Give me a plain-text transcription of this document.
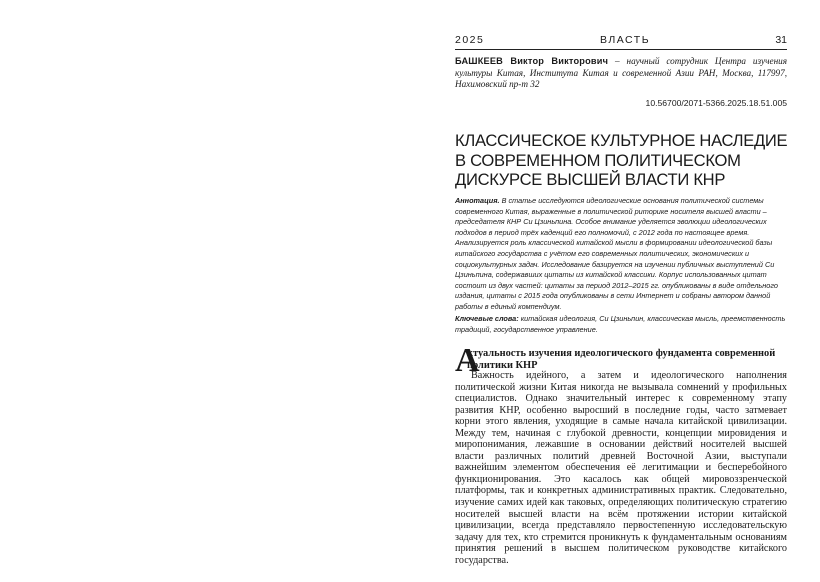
2025	ВЛАСТЬ	31
БАШКЕЕВ Виктор Викторович – научный сотрудник Центра изучения культуры Китая, Института Китая и современной Азии РАН, Москва, 117997, Нахимовский пр-т 32
10.56700/2071-5366.2025.18.51.005
КЛАССИЧЕСКОЕ КУЛЬТУРНОЕ НАСЛЕДИЕ В СОВРЕМЕННОМ ПОЛИТИЧЕСКОМ ДИСКУРСЕ ВЫСШЕЙ ВЛАСТИ КНР
Аннотация. В статье исследуются идеологические основания политической системы современного Китая, выраженные в политической риторике носителя высшей власти – председателя КНР Си Цзиньпина. Особое внимание уделяется эволюции идеологических подходов в период трёх каденций его полномочий, с 2012 года по настоящее время. Анализируется роль классической китайской мысли в формировании идеологической базы китайского государства с учётом его современных политических, экономических и социокультурных задач. Исследование базируется на изучении публичных выступлений Си Цзиньпина, содержавших цитаты из китайской классики. Корпус использованных цитат состоит из двух частей: цитаты за период 2012–2015 гг. опубликованы в виде отдельного издания, цитаты с 2015 года опубликованы в сети Интернет и собраны автором данной работы в единый компендиум.
Ключевые слова: китайская идеология, Си Цзиньпин, классическая мысль, преемственность традиций, государственное управление.
А
ктуальность изучения идеологического фундамента современной политики КНР

Важность идейного, а затем и идеологического наполнения политической жизни Китая никогда не вызывала сомнений у профильных специалистов. Однако значительный интерес к современному этапу развития КНР, особенно выросший в последние годы, часто затмевает корни этого явления, уходящие в самые начала китайской цивилизации. Между тем, начиная с глубокой древности, концепции мировидения и миропонимания, лежавшие в основании действий носителей высшей власти различных политий древней Восточной Азии, выступали важнейшим элементом обеспечения её легитимации и бесперебойного функционирования. Это касалось как общей мировоззренческой платформы, так и конкретных административных практик. Следовательно, изучение самих идей как таковых, определяющих политическую стратегию носителей высшей власти на всём протяжении истории китайской цивилизации, всегда представляло первостепенную исследовательскую задачу для тех, кто стремится проникнуть к фундаментальным основаниям принятия решений в высшем политическом руководстве китайского государства.
